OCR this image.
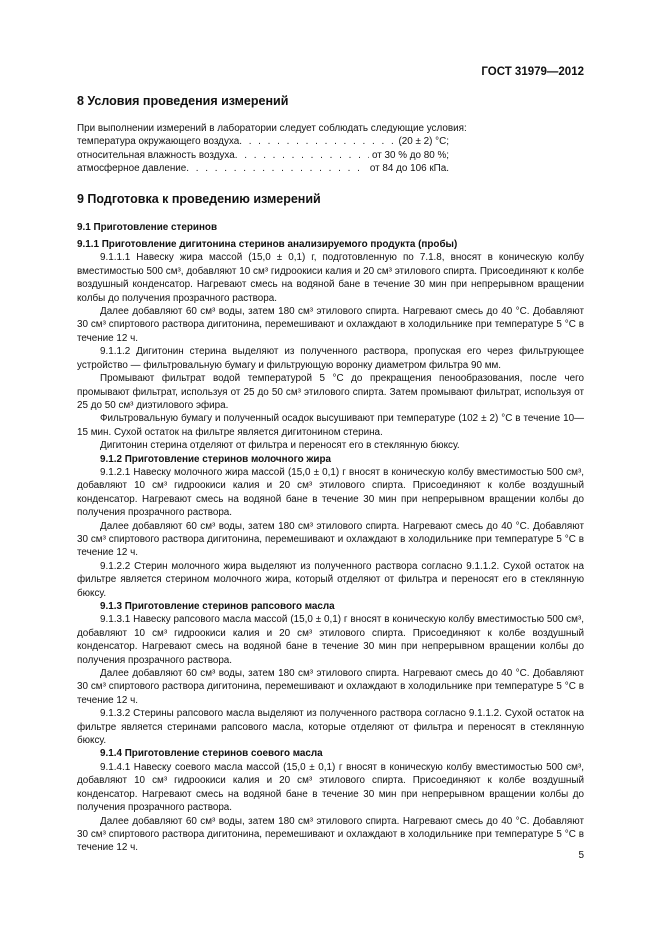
ГОСТ 31979—2012
8 Условия проведения измерений

При выполнении измерений в лаборатории следует соблюдать следующие условия:

температура окружающего воздуха . . .	(20 ± 2) °С;
относительная влажность воздуха . . .	от 30 % до 80 %;
атмосферное давление . . .	от 84 до 106 кПа.
9 Подготовка к проведению измерений
9.1 Приготовление стеринов
9.1.1 Приготовление дигитонина стеринов анализируемого продукта (пробы)

9.1.1.1 Навеску жира массой (15,0 ± 0,1) г, подготовленную по 7.1.8, вносят в коническую колбу вместимостью 500 см³, добавляют 10 см³ гидроокиси калия и 20 см³ этилового спирта. Присоединяют к колбе воздушный конденсатор. Нагревают смесь на водяной бане в течение 30 мин при непрерывном вращении колбы до получения прозрачного раствора.

Далее добавляют 60 см³ воды, затем 180 см³ этилового спирта. Нагревают смесь до 40 °С. Добавляют 30 см³ спиртового раствора дигитонина, перемешивают и охлаждают в холодильнике при температуре 5 °С в течение 12 ч.

9.1.1.2 Дигитонин стерина выделяют из полученного раствора, пропуская его через фильтрующее устройство — фильтровальную бумагу и фильтрующую воронку диаметром фильтра 90 мм.

Промывают фильтрат водой температурой 5 °С до прекращения пенообразования, после чего промывают фильтрат, используя от 25 до 50 см³ этилового спирта. Затем промывают фильтрат, используя от 25 до 50 см³ диэтилового эфира.

Фильтровальную бумагу и полученный осадок высушивают при температуре (102 ± 2) °С в течение 10—15 мин. Сухой остаток на фильтре является дигитонином стерина.

Дигитонин стерина отделяют от фильтра и переносят его в стеклянную бюксу.

9.1.2 Приготовление стеринов молочного жира

9.1.2.1 Навеску молочного жира массой (15,0 ± 0,1) г вносят в коническую колбу вместимостью 500 см³, добавляют 10 см³ гидроокиси калия и 20 см³ этилового спирта. Присоединяют к колбе воздушный конденсатор. Нагревают смесь на водяной бане в течение 30 мин при непрерывном вращении колбы до получения прозрачного раствора.

Далее добавляют 60 см³ воды, затем 180 см³ этилового спирта. Нагревают смесь до 40 °С. Добавляют 30 см³ спиртового раствора дигитонина, перемешивают и охлаждают в холодильнике при температуре 5 °С в течение 12 ч.

9.1.2.2 Стерин молочного жира выделяют из полученного раствора согласно 9.1.1.2. Сухой остаток на фильтре является стерином молочного жира, который отделяют от фильтра и переносят его в стеклянную бюксу.

9.1.3 Приготовление стеринов рапсового масла

9.1.3.1 Навеску рапсового масла массой (15,0 ± 0,1) г вносят в коническую колбу вместимостью 500 см³, добавляют 10 см³ гидроокиси калия и 20 см³ этилового спирта. Присоединяют к колбе воздушный конденсатор. Нагревают смесь на водяной бане в течение 30 мин при непрерывном вращении колбы до получения прозрачного раствора.

Далее добавляют 60 см³ воды, затем 180 см³ этилового спирта. Нагревают смесь до 40 °С. Добавляют 30 см³ спиртового раствора дигитонина, перемешивают и охлаждают в холодильнике при температуре 5 °С в течение 12 ч.

9.1.3.2 Стерины рапсового масла выделяют из полученного раствора согласно 9.1.1.2. Сухой остаток на фильтре является стеринами рапсового масла, которые отделяют от фильтра и переносят в стеклянную бюксу.

9.1.4 Приготовление стеринов соевого масла

9.1.4.1 Навеску соевого масла массой (15,0 ± 0,1) г вносят в коническую колбу вместимостью 500 см³, добавляют 10 см³ гидроокиси калия и 20 см³ этилового спирта. Присоединяют к колбе воздушный конденсатор. Нагревают смесь на водяной бане в течение 30 мин при непрерывном вращении колбы до получения прозрачного раствора.

Далее добавляют 60 см³ воды, затем 180 см³ этилового спирта. Нагревают смесь до 40 °С. Добавляют 30 см³ спиртового раствора дигитонина, перемешивают и охлаждают в холодильнике при температуре 5 °С в течение 12 ч.

5
